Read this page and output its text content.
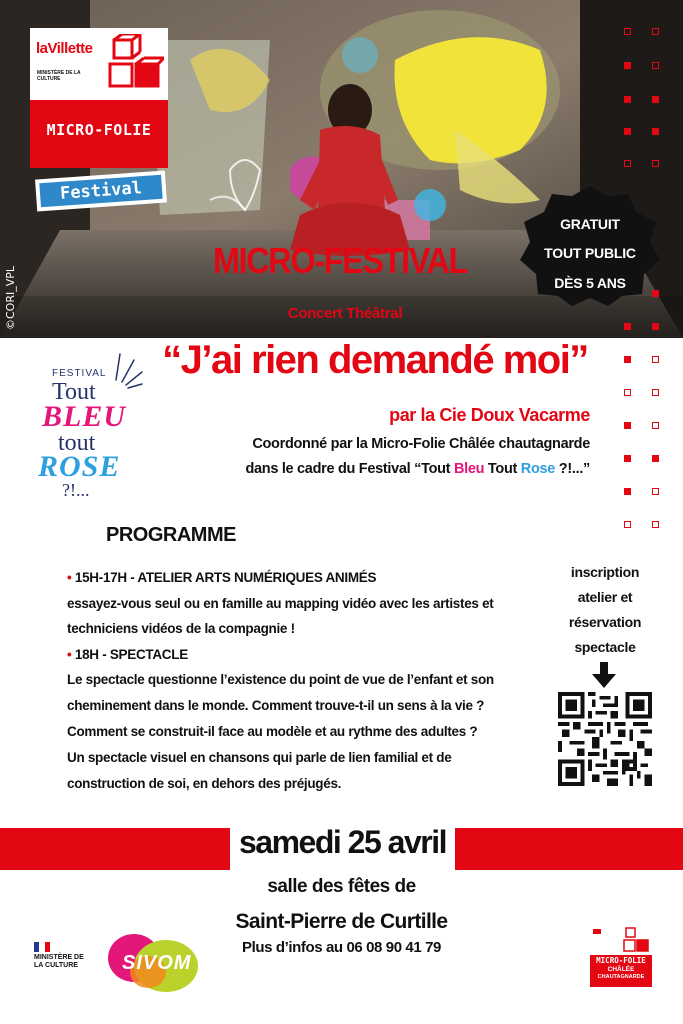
©CORI_VPL
laVillette
MINISTÈRE DE LA CULTURE
MICRO-FOLIE
Festival
MICRO-FESTIVAL
Concert Théâtral
GRATUIT
TOUT PUBLIC
DÈS 5 ANS
FESTIVAL
Tout
BLEU
tout
ROSE
?!...
“J’ai rien demandé moi”
par la Cie Doux Vacarme
Coordonné par la Micro-Folie Châlée chautagnarde
dans le cadre du Festival “Tout Bleu Tout Rose ?!...”
PROGRAMME
• 15H-17H - ATELIER ARTS NUMÉRIQUES ANIMÉS
essayez-vous seul ou en famille au mapping vidéo avec les artistes et
techniciens vidéos de la compagnie !
• 18H - SPECTACLE
Le spectacle questionne l’existence du point de vue de l’enfant et son
cheminement dans le monde. Comment trouve-t-il un sens à la vie ?
Comment se construit-il face au modèle et au rythme des adultes ?
Un spectacle visuel en chansons qui parle de lien familial et de
construction de soi, en dehors des préjugés.
inscription
atelier et
réservation
spectacle
samedi 25 avril
salle des fêtes de
Saint-Pierre de Curtille
Plus d’infos au 06 08 90 41 79
MINISTÈRE DE LA CULTURE	SIVOM	MICRO-FOLIE
CHÂLÉE
CHAUTAGNARDE
